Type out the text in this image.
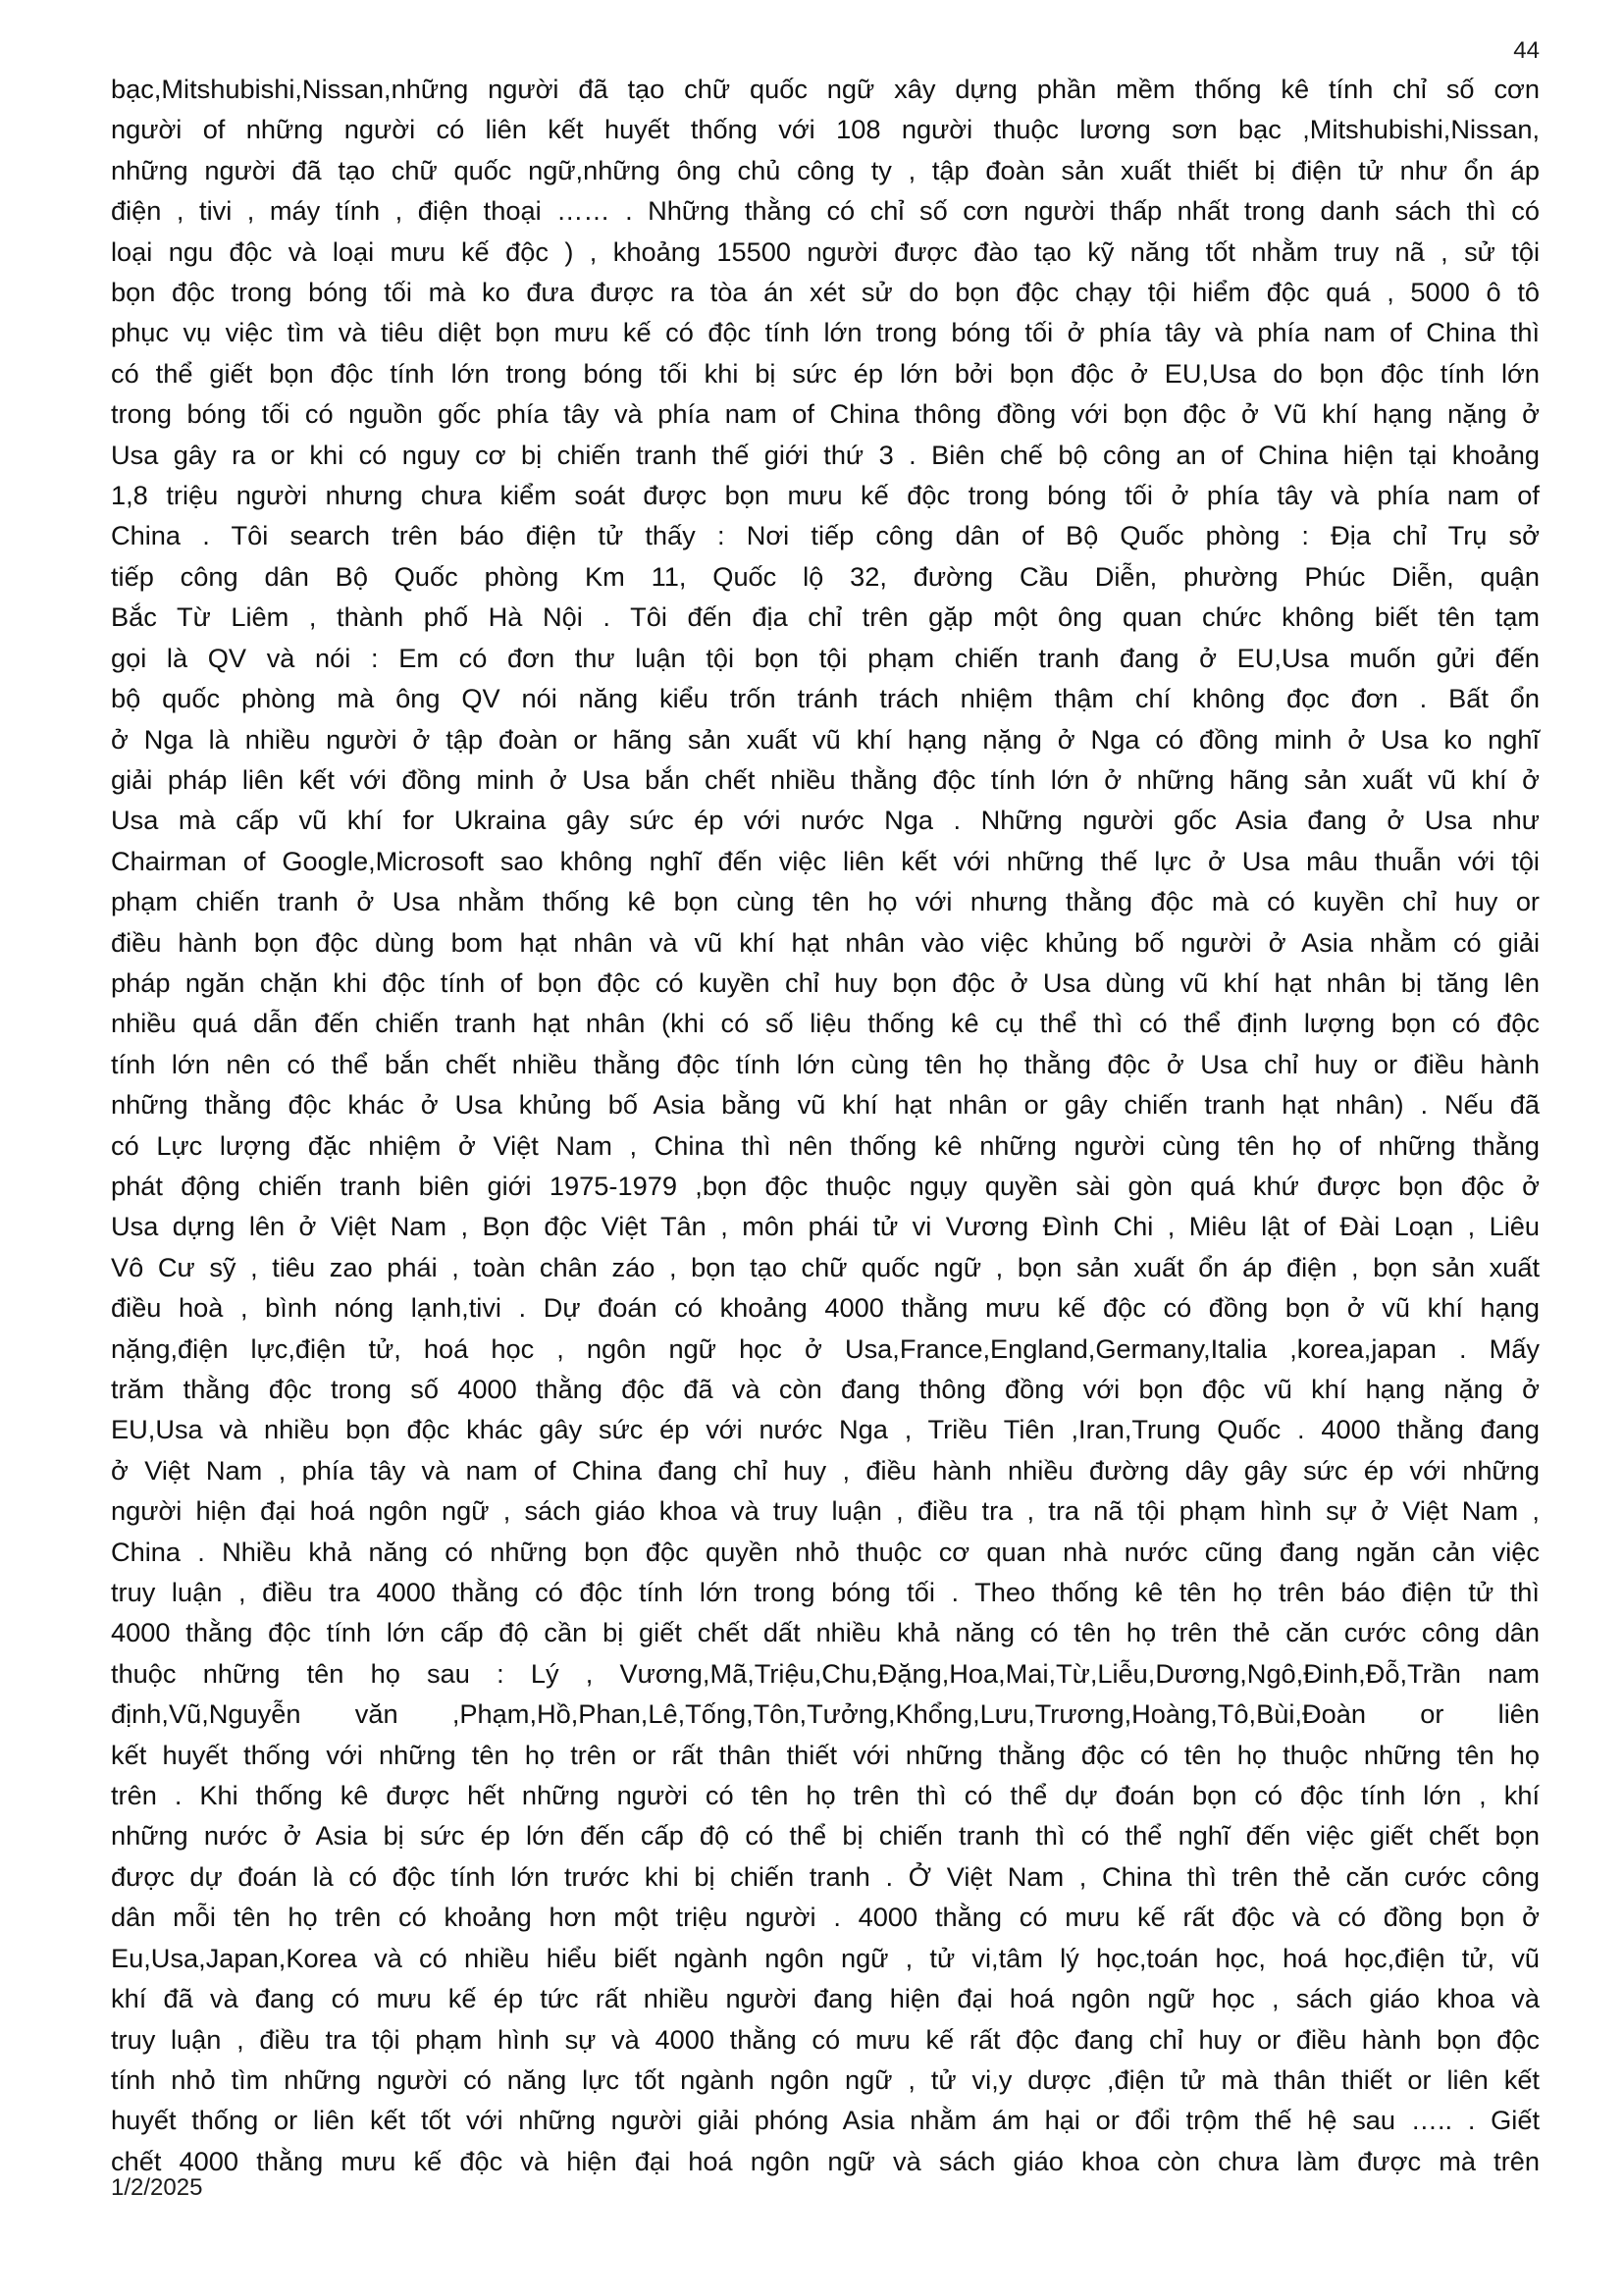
44
bạc,Mitshubishi,Nissan,những người đã tạo chữ quốc ngữ xây dựng phần mềm thống kê tính chỉ số cơn
người of những người có liên kết huyết thống với 108 người thuộc lương sơn bạc ,Mitshubishi,Nissan,
những người đã tạo chữ quốc ngữ,những ông chủ công ty , tập đoàn sản xuất thiết bị điện tử như ổn áp
điện , tivi , máy tính , điện thoại …… . Những thằng có chỉ số cơn người thấp nhất trong danh sách thì có
loại ngu độc và loại mưu kế độc ) , khoảng 15500 người được đào tạo kỹ năng tốt nhằm truy nã , sử tội
bọn độc trong bóng tối mà ko đưa được ra tòa án xét sử do bọn độc chạy tội hiểm độc quá , 5000 ô tô
phục vụ việc tìm và tiêu diệt bọn mưu kế có độc tính lớn trong bóng tối ở phía tây và phía nam of China thì
có thể giết bọn độc tính lớn trong bóng tối khi bị sức ép lớn bởi bọn độc ở EU,Usa do bọn độc tính lớn
trong bóng tối có nguồn gốc phía tây và phía nam of China thông đồng với bọn độc ở Vũ khí hạng nặng ở
Usa gây ra or khi có nguy cơ bị chiến tranh thế giới thứ 3 . Biên chế bộ công an of China hiện tại khoảng
1,8 triệu người nhưng chưa kiểm soát được bọn mưu kế độc trong bóng tối ở phía tây và phía nam of
China . Tôi search trên báo điện tử thấy : Nơi tiếp công dân of Bộ Quốc phòng : Địa chỉ Trụ sở
tiếp công dân Bộ Quốc phòng Km 11, Quốc lộ 32, đường Cầu Diễn, phường Phúc Diễn, quận
Bắc Từ Liêm , thành phố Hà Nội . Tôi đến địa chỉ trên gặp một ông quan chức không biết tên tạm
gọi là QV và nói : Em có đơn thư luận tội bọn tội phạm chiến tranh đang ở EU,Usa muốn gửi đến
bộ quốc phòng mà ông QV nói năng kiểu trốn tránh trách nhiệm thậm chí không đọc đơn . Bất ổn
ở Nga là nhiều người ở tập đoàn or hãng sản xuất vũ khí hạng nặng ở Nga có đồng minh ở Usa ko nghĩ
giải pháp liên kết với đồng minh ở Usa bắn chết nhiều thằng độc tính lớn ở những hãng sản xuất vũ khí ở
Usa mà cấp vũ khí for Ukraina gây sức ép với nước Nga . Những người gốc Asia đang ở Usa như
Chairman of Google,Microsoft sao không nghĩ đến việc liên kết với những thế lực ở Usa mâu thuẫn với tội
phạm chiến tranh ở Usa nhằm thống kê bọn cùng tên họ với nhưng thằng độc mà có kuyền chỉ huy or
điều hành bọn độc dùng bom hạt nhân và vũ khí hạt nhân vào việc khủng bố người ở Asia nhằm có giải
pháp ngăn chặn khi độc tính of bọn độc có kuyền chỉ huy bọn độc ở Usa dùng vũ khí hạt nhân bị tăng lên
nhiều quá dẫn đến chiến tranh hạt nhân (khi có số liệu thống kê cụ thể thì có thể định lượng bọn có độc
tính lớn nên có thể bắn chết nhiều thằng độc tính lớn cùng tên họ thằng độc ở Usa chỉ huy or điều hành
những thằng độc khác ở Usa khủng bố Asia bằng vũ khí hạt nhân or gây chiến tranh hạt nhân) . Nếu đã
có Lực lượng đặc nhiệm ở Việt Nam , China thì nên thống kê những người cùng tên họ of những thằng
phát động chiến tranh biên giới 1975-1979 ,bọn độc thuộc ngụy quyền sài gòn quá khứ được bọn độc ở
Usa dựng lên ở Việt Nam , Bọn độc Việt Tân , môn phái tử vi Vương Đình Chi , Miêu lật of Đài Loạn , Liêu
Vô Cư sỹ , tiêu zao phái , toàn chân záo , bọn tạo chữ quốc ngữ , bọn sản xuất ổn áp điện , bọn sản xuất
điều hoà , bình nóng lạnh,tivi . Dự đoán có khoảng 4000 thằng mưu kế độc có đồng bọn ở vũ khí hạng
nặng,điện lực,điện tử, hoá học , ngôn ngữ học ở Usa,France,England,Germany,Italia ,korea,japan . Mấy
trăm thằng độc trong số 4000 thằng độc đã và còn đang thông đồng với bọn độc vũ khí hạng nặng ở
EU,Usa và nhiều bọn độc khác gây sức ép với nước Nga , Triều Tiên ,Iran,Trung Quốc . 4000 thằng đang
ở Việt Nam , phía tây và nam of China đang chỉ huy , điều hành nhiều đường dây gây sức ép với những
người hiện đại hoá ngôn ngữ , sách giáo khoa và truy luận , điều tra , tra nã tội phạm hình sự ở Việt Nam ,
China . Nhiều khả năng có những bọn độc quyền nhỏ thuộc cơ quan nhà nước cũng đang ngăn cản việc
truy luận , điều tra 4000 thằng có độc tính lớn trong bóng tối . Theo thống kê tên họ trên báo điện tử thì
4000 thằng độc tính lớn cấp độ cần bị giết chết dất nhiều khả năng có tên họ trên thẻ căn cước công dân
thuộc những tên họ sau : Lý , Vương,Mã,Triệu,Chu,Đặng,Hoa,Mai,Từ,Liễu,Dương,Ngô,Đinh,Đỗ,Trần nam
định,Vũ,Nguyễn văn ,Phạm,Hồ,Phan,Lê,Tống,Tôn,Tưởng,Khổng,Lưu,Trương,Hoàng,Tô,Bùi,Đoàn or liên
kết huyết thống với những tên họ trên or rất thân thiết với những thằng độc có tên họ thuộc những tên họ
trên . Khi thống kê được hết những người có tên họ trên thì có thể dự đoán bọn có độc tính lớn , khí
những nước ở Asia bị sức ép lớn đến cấp độ có thể bị chiến tranh thì có thể nghĩ đến việc giết chết bọn
được dự đoán là có độc tính lớn trước khi bị chiến tranh . Ở Việt Nam , China thì trên thẻ căn cước công
dân mỗi tên họ trên có khoảng hơn một triệu người . 4000 thằng có mưu kế rất độc và có đồng bọn ở
Eu,Usa,Japan,Korea và có nhiều hiểu biết ngành ngôn ngữ , tử vi,tâm lý học,toán học, hoá học,điện tử, vũ
khí đã và đang có mưu kế ép tức rất nhiều người đang hiện đại hoá ngôn ngữ học , sách giáo khoa và
truy luận , điều tra tội phạm hình sự và 4000 thằng có mưu kế rất độc đang chỉ huy or điều hành bọn độc
tính nhỏ tìm những người có năng lực tốt ngành ngôn ngữ , tử vi,y dược ,điện tử mà thân thiết or liên kết
huyết thống or liên kết tốt với những người giải phóng Asia nhằm ám hại or đổi trộm thế hệ sau ….. . Giết
chết 4000 thằng mưu kế độc và hiện đại hoá ngôn ngữ và sách giáo khoa còn chưa làm được mà trên
1/2/2025
